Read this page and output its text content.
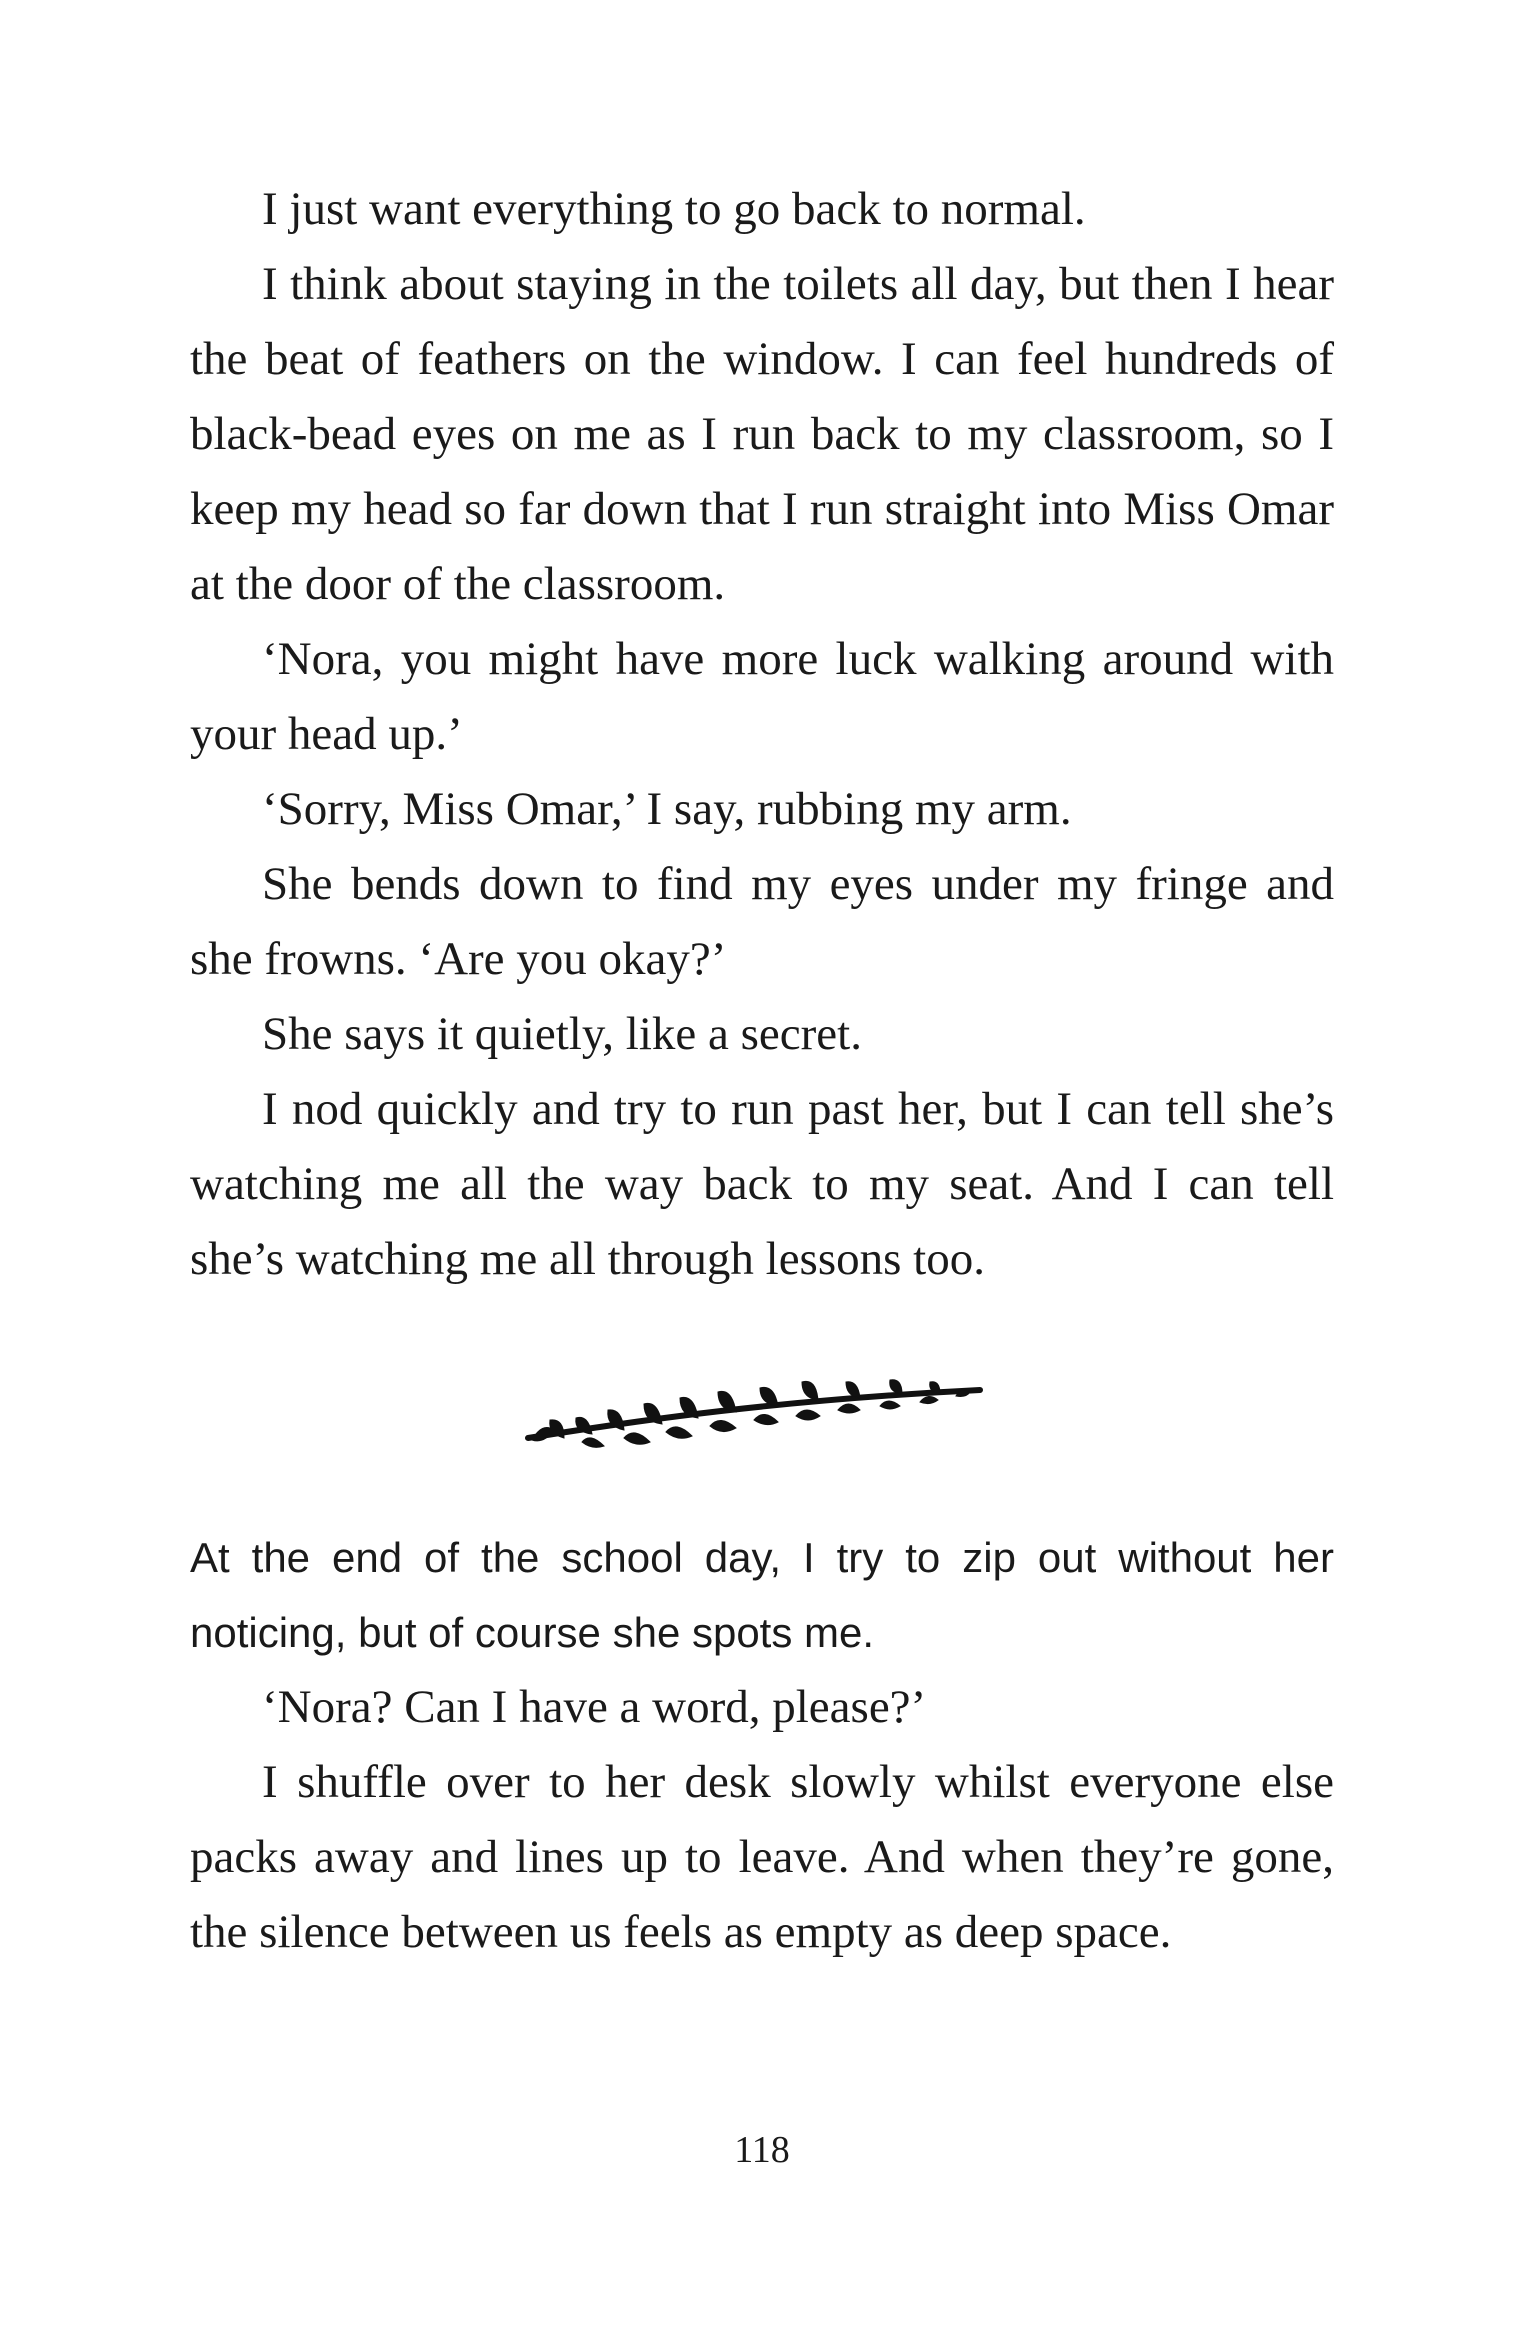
I just want everything to go back to normal.

I think about staying in the toilets all day, but then I hear the beat of feathers on the window. I can feel hundreds of black-bead eyes on me as I run back to my classroom, so I keep my head so far down that I run straight into Miss Omar at the door of the classroom.

‘Nora, you might have more luck walking around with your head up.’

‘Sorry, Miss Omar,’ I say, rubbing my arm.

She bends down to find my eyes under my fringe and she frowns. ‘Are you okay?’

She says it quietly, like a secret.

I nod quickly and try to run past her, but I can tell she’s watching me all the way back to my seat. And I can tell she’s watching me all through lessons too.

At the end of the school day, I try to zip out without her noticing, but of course she spots me.

‘Nora? Can I have a word, please?’

I shuffle over to her desk slowly whilst everyone else packs away and lines up to leave. And when they’re gone, the silence between us feels as empty as deep space.

118
